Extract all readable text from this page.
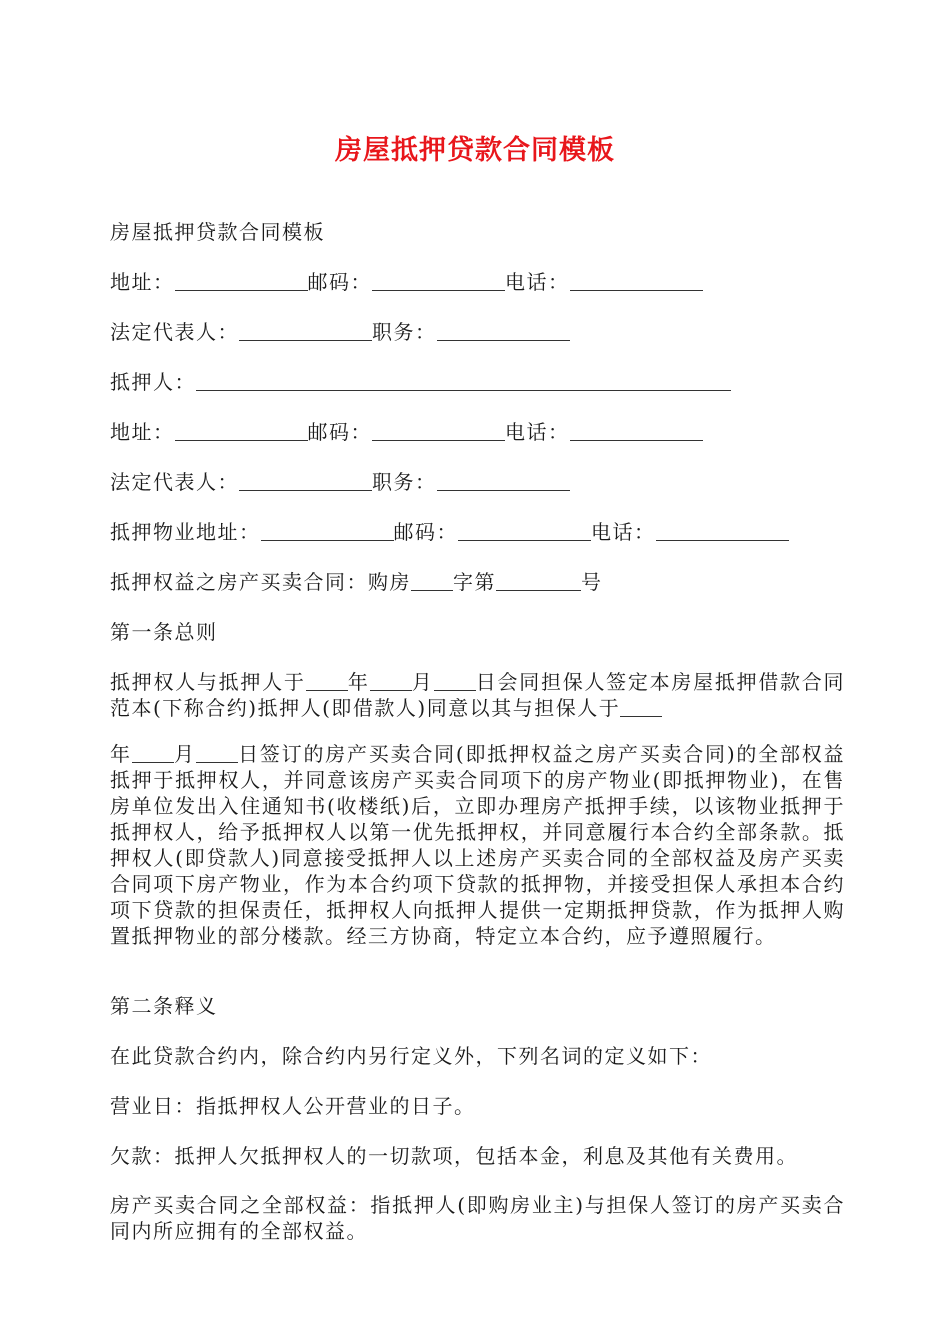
房屋抵押贷款合同模板
房屋抵押贷款合同模板
地址：	邮码：	电话：
法定代表人：	职务：
抵押人：
地址：	邮码：	电话：
法定代表人：	职务：
抵押物业地址：	邮码：	电话：
抵押权益之房产买卖合同：购房 字第	号
第一条总则
抵押权人与抵押人于 年 月 日会同担保人签定本房屋抵押借款合同范本(下称合约)抵押人(即借款人)同意以其与担保人于
年 月 日签订的房产买卖合同(即抵押权益之房产买卖合同)的全部权益抵押于抵押权人，并同意该房产买卖合同项下的房产物业(即抵押物业)，在售房单位发出入住通知书(收楼纸)后，立即办理房产抵押手续，以该物业抵押于抵押权人，给予抵押权人以第一优先抵押权，并同意履行本合约全部条款。抵押权人(即贷款人)同意接受抵押人以上述房产买卖合同的全部权益及房产买卖合同项下房产物业，作为本合约项下贷款的抵押物，并接受担保人承担本合约项下贷款的担保责任，抵押权人向抵押人提供一定期抵押贷款，作为抵押人购置抵押物业的部分楼款。经三方协商，特定立本合约，应予遵照履行。
第二条释义
在此贷款合约内，除合约内另行定义外，下列名词的定义如下：
营业日：指抵押权人公开营业的日子。
欠款：抵押人欠抵押权人的一切款项，包括本金，利息及其他有关费用。
房产买卖合同之全部权益：指抵押人(即购房业主)与担保人签订的房产买卖合同内所应拥有的全部权益。
